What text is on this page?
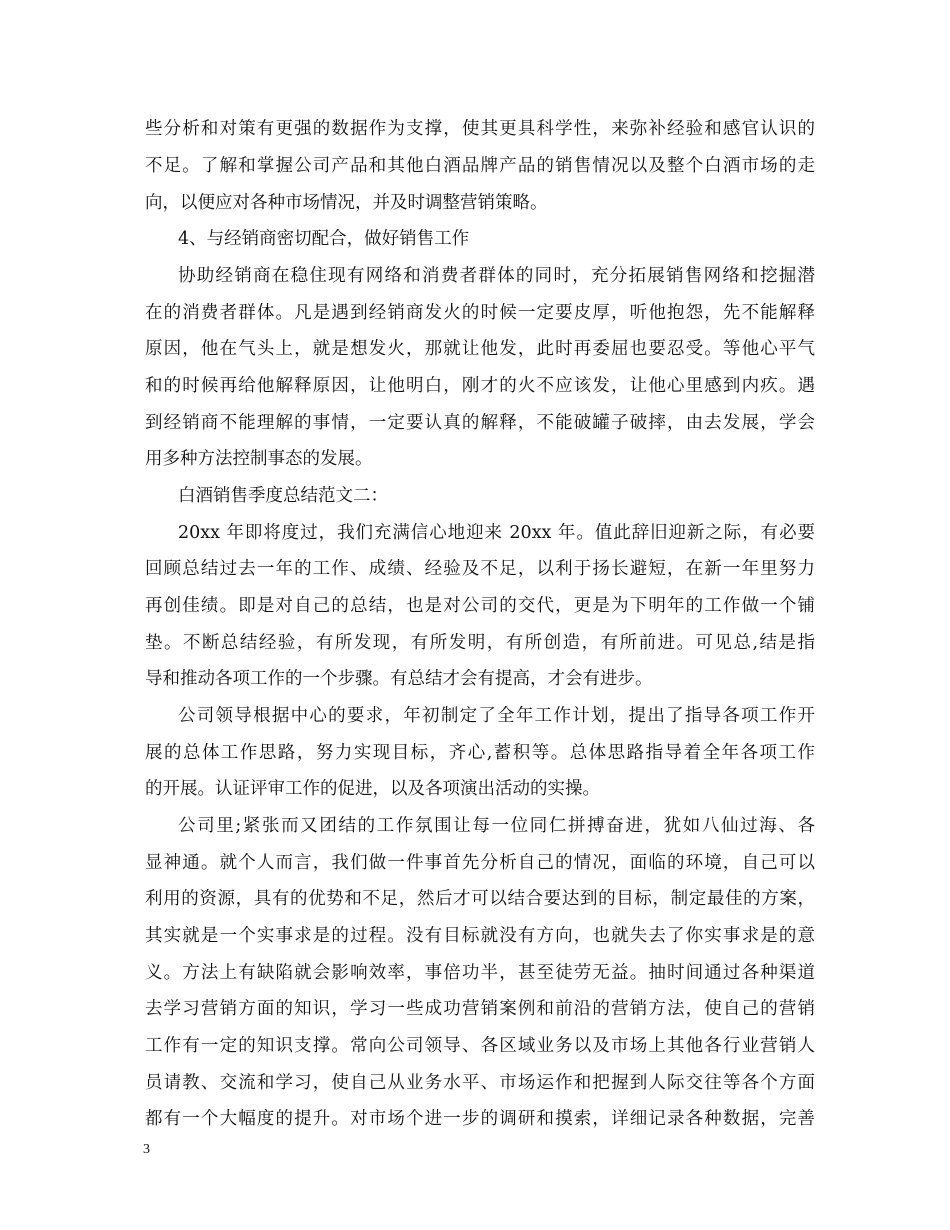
些分析和对策有更强的数据作为支撑，使其更具科学性，来弥补经验和感官认识的
不足。了解和掌握公司产品和其他白酒品牌产品的销售情况以及整个白酒市场的走
向，以便应对各种市场情况，并及时调整营销策略。
4、与经销商密切配合，做好销售工作
协助经销商在稳住现有网络和消费者群体的同时，充分拓展销售网络和挖掘潜
在的消费者群体。凡是遇到经销商发火的时候一定要皮厚，听他抱怨，先不能解释
原因，他在气头上，就是想发火，那就让他发，此时再委屈也要忍受。等他心平气
和的时候再给他解释原因，让他明白，刚才的火不应该发，让他心里感到内疚。遇
到经销商不能理解的事情，一定要认真的解释，不能破罐子破摔，由去发展，学会
用多种方法控制事态的发展。
白酒销售季度总结范文二：
20xx 年即将度过，我们充满信心地迎来 20xx 年。值此辞旧迎新之际，有必要
回顾总结过去一年的工作、成绩、经验及不足，以利于扬长避短，在新一年里努力
再创佳绩。即是对自己的总结，也是对公司的交代，更是为下明年的工作做一个铺
垫。不断总结经验，有所发现，有所发明，有所创造，有所前进。可见总,结是指
导和推动各项工作的一个步骤。有总结才会有提高，才会有进步。
公司领导根据中心的要求，年初制定了全年工作计划，提出了指导各项工作开
展的总体工作思路，努力实现目标，齐心,蓄积等。总体思路指导着全年各项工作
的开展。认证评审工作的促进，以及各项演出活动的实操。
公司里;紧张而又团结的工作氛围让每一位同仁拼搏奋进，犹如八仙过海、各
显神通。就个人而言，我们做一件事首先分析自己的情况，面临的环境，自己可以
利用的资源，具有的优势和不足，然后才可以结合要达到的目标，制定最佳的方案，
其实就是一个实事求是的过程。没有目标就没有方向，也就失去了你实事求是的意
义。方法上有缺陷就会影响效率，事倍功半，甚至徒劳无益。抽时间通过各种渠道
去学习营销方面的知识，学习一些成功营销案例和前沿的营销方法，使自己的营销
工作有一定的知识支撑。常向公司领导、各区域业务以及市场上其他各行业营销人
员请教、交流和学习，使自己从业务水平、市场运作和把握到人际交往等各个方面
都有一个大幅度的提升。对市场个进一步的调研和摸索，详细记录各种数据，完善
3
